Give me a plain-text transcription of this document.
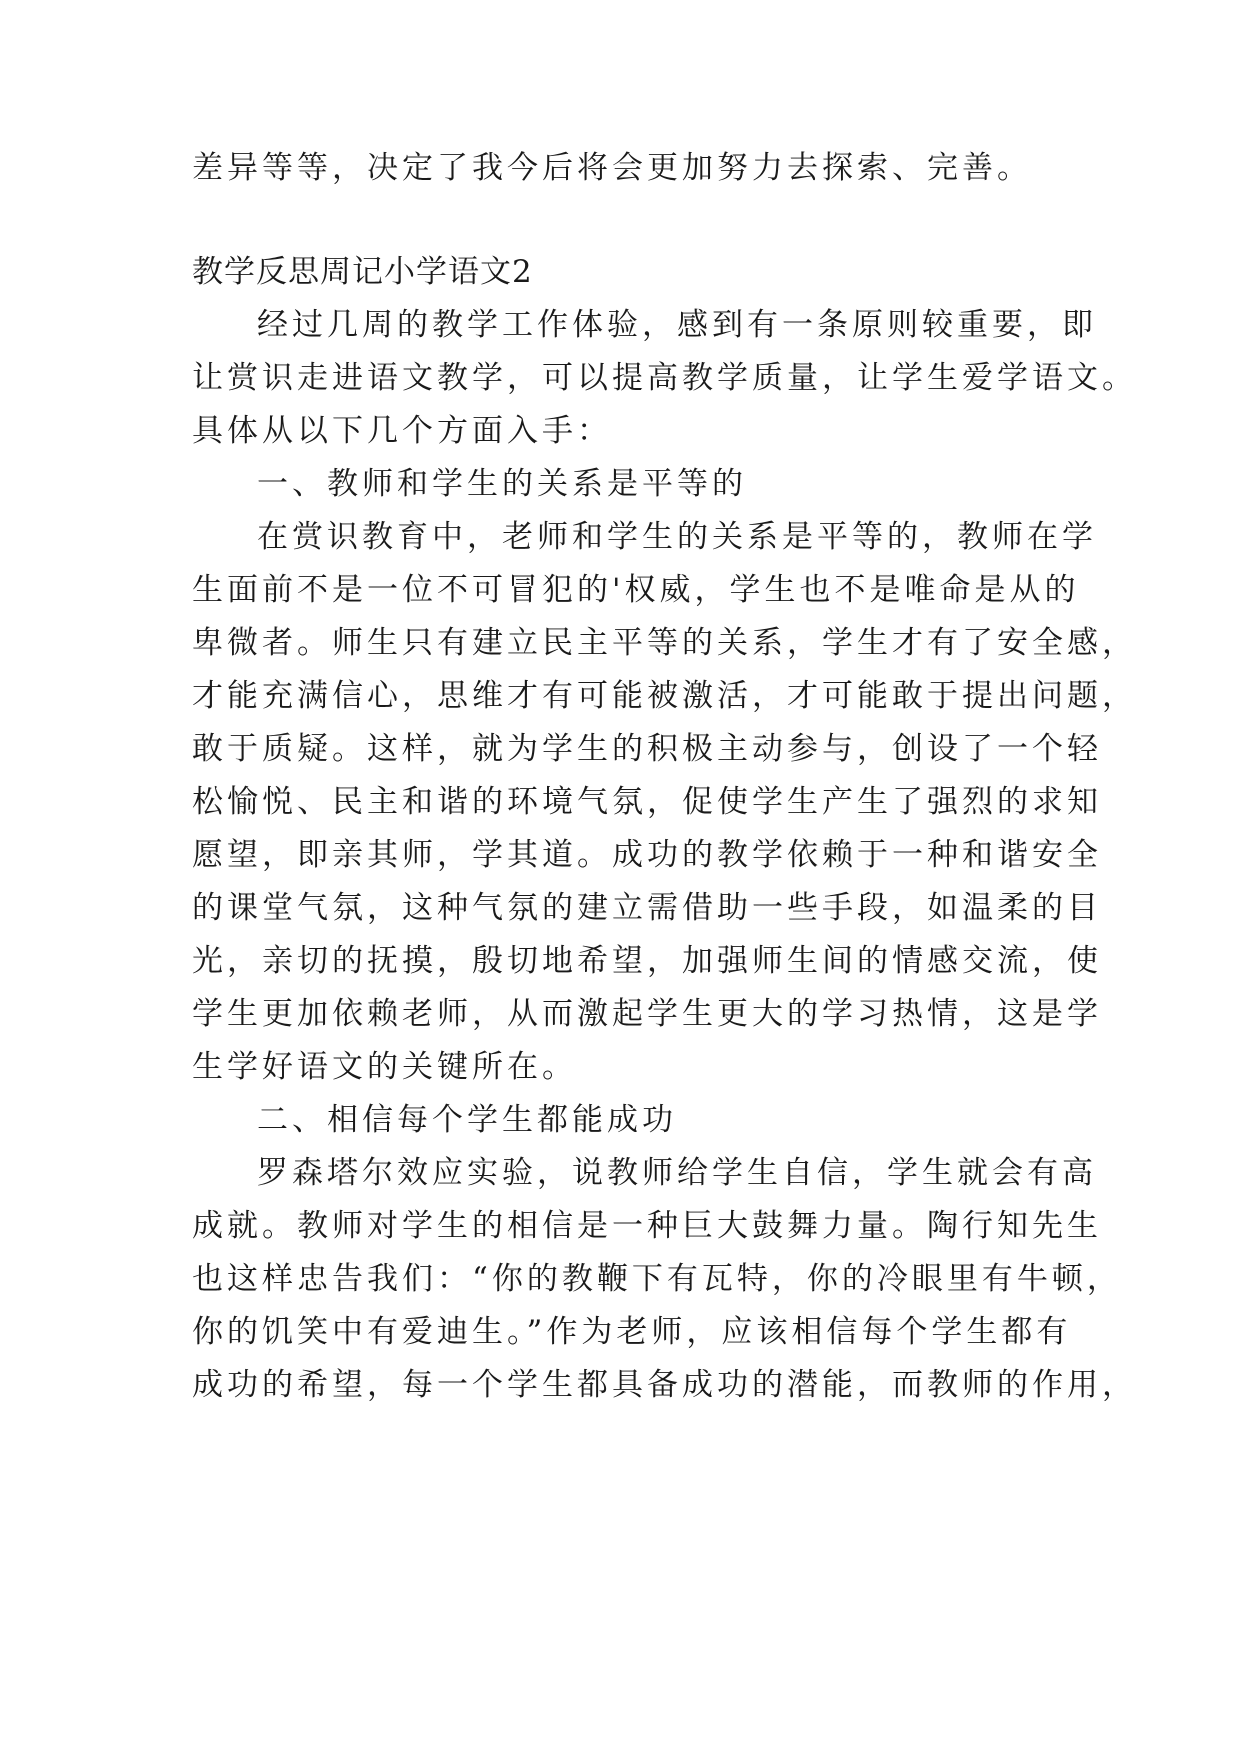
差异等等，决定了我今后将会更加努力去探索、完善。
教学反思周记小学语文2
经过几周的教学工作体验，感到有一条原则较重要，即
让赏识走进语文教学，可以提高教学质量，让学生爱学语文。
具体从以下几个方面入手：
一、教师和学生的关系是平等的
在赏识教育中，老师和学生的关系是平等的，教师在学
生面前不是一位不可冒犯的'权威，学生也不是唯命是从的
卑微者。师生只有建立民主平等的关系，学生才有了安全感，
才能充满信心，思维才有可能被激活，才可能敢于提出问题，
敢于质疑。这样，就为学生的积极主动参与，创设了一个轻
松愉悦、民主和谐的环境气氛，促使学生产生了强烈的求知
愿望，即亲其师，学其道。成功的教学依赖于一种和谐安全
的课堂气氛，这种气氛的建立需借助一些手段，如温柔的目
光，亲切的抚摸，殷切地希望，加强师生间的情感交流，使
学生更加依赖老师，从而激起学生更大的学习热情，这是学
生学好语文的关键所在。
二、相信每个学生都能成功
罗森塔尔效应实验，说教师给学生自信，学生就会有高
成就。教师对学生的相信是一种巨大鼓舞力量。陶行知先生
也这样忠告我们：“你的教鞭下有瓦特，你的冷眼里有牛顿，
你的饥笑中有爱迪生。”作为老师，应该相信每个学生都有
成功的希望，每一个学生都具备成功的潜能，而教师的作用，
